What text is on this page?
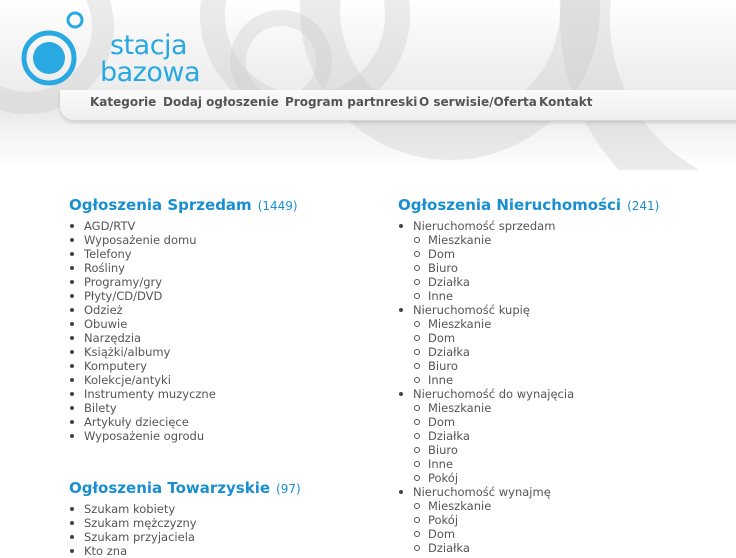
stacja
bazowa
Kategorie Dodaj ogłoszenie Program partnreski O serwisie/Oferta Kontakt
Ogłoszenia Sprzedam (1449)
AGD/RTV
Wyposażenie domu
Telefony
Rośliny
Programy/gry
Płyty/CD/DVD
Odzież
Obuwie
Narzędzia
Książki/albumy
Komputery
Kolekcje/antyki
Instrumenty muzyczne
Bilety
Artykuły dziecięce
Wyposażenie ogrodu
Ogłoszenia Towarzyskie (97)
Szukam kobiety
Szukam mężczyzny
Szukam przyjaciela
Kto zna
Ogłoszenia Nieruchomości (241)
Nieruchomość sprzedam
Mieszkanie
Dom
Biuro
Działka
Inne
Nieruchomość kupię
Mieszkanie
Dom
Działka
Biuro
Inne
Nieruchomość do wynajęcia
Mieszkanie
Dom
Działka
Biuro
Inne
Pokój
Nieruchomość wynajmę
Mieszkanie
Pokój
Dom
Działka
